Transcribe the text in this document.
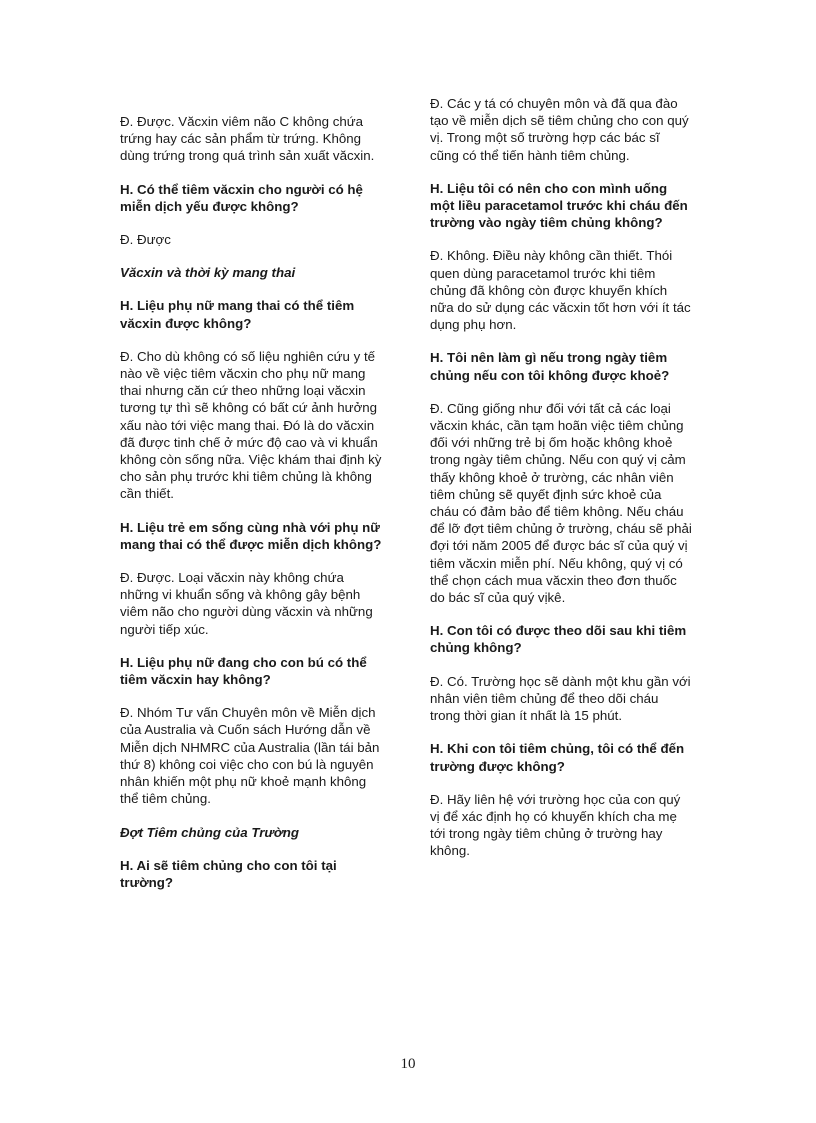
Đ. Được. Văcxin viêm não C không chứa trứng hay các sản phẩm từ trứng. Không dùng trứng trong quá trình sản xuất văcxin.

H. Có thể tiêm văcxin cho người có hệ miễn dịch yếu được không?

Đ. Được

Văcxin và thời kỳ mang thai

H. Liệu phụ nữ mang thai có thể tiêm văcxin được không?

Đ. Cho dù không có số liệu nghiên cứu y tế nào về việc tiêm văcxin cho phụ nữ mang thai nhưng căn cứ theo những loại văcxin tương tự thì sẽ không có bất cứ ảnh hưởng xấu nào tới việc mang thai. Đó là do văcxin đã được tinh chế ở mức độ cao và vi khuẩn không còn sống nữa. Việc khám thai định kỳ cho sản phụ trước khi tiêm chủng là không cần thiết.

H. Liệu trẻ em sống cùng nhà với phụ nữ mang thai có thể được miễn dịch không?

Đ. Được. Loại văcxin này không chứa những vi khuẩn sống và không gây bệnh viêm não cho người dùng văcxin và những người tiếp xúc.

H. Liệu phụ nữ đang cho con bú có thể tiêm văcxin hay không?

Đ. Nhóm Tư vấn Chuyên môn về Miễn dịch của Australia và Cuốn sách Hướng dẫn về Miễn dịch NHMRC của Australia (lần tái bản thứ 8) không coi việc cho con bú là nguyên nhân khiến một phụ nữ khoẻ mạnh không thể tiêm chủng.

Đợt Tiêm chủng của Trường

H. Ai sẽ tiêm chủng cho con tôi tại trường?

Đ. Các y tá có chuyên môn và đã qua đào tạo về miễn dịch sẽ tiêm chủng cho con quý vị. Trong một số trường hợp các bác sĩ cũng có thể tiến hành tiêm chủng.

H. Liệu tôi có nên cho con mình uống một liều paracetamol trước khi cháu đến trường vào ngày tiêm chủng không?

Đ. Không. Điều này không cần thiết. Thói quen dùng paracetamol trước khi tiêm chủng đã không còn được khuyến khích nữa do sử dụng các văcxin tốt hơn với ít tác dụng phụ hơn.

H. Tôi nên làm gì nếu trong ngày tiêm chủng nếu con tôi không được khoẻ?

Đ. Cũng giống như đối với tất cả các loại văcxin khác, cần tạm hoãn việc tiêm chủng đối với những trẻ bị ốm hoặc không khoẻ trong ngày tiêm chủng. Nếu con quý vị cảm thấy không khoẻ ở trường, các nhân viên tiêm chủng sẽ quyết định sức khoẻ của cháu có đảm bảo để tiêm không. Nếu cháu để lỡ đợt tiêm chủng ở trường, cháu sẽ phải đợi tới năm 2005 để được bác sĩ của quý vị tiêm văcxin miễn phí. Nếu không, quý vị có thể chọn cách mua văcxin theo đơn thuốc do bác sĩ của quý vịkê.

H. Con tôi có được theo dõi sau khi tiêm chủng không?

Đ. Có. Trường học sẽ dành một khu gần với nhân viên tiêm chủng để theo dõi cháu trong thời gian ít nhất là 15 phút.

H. Khi con tôi tiêm chủng, tôi có thể đến trường được không?

Đ. Hãy liên hệ với trường học của con quý vị để xác định họ có khuyến khích cha mẹ tới trong ngày tiêm chủng ở trường hay không.

10
